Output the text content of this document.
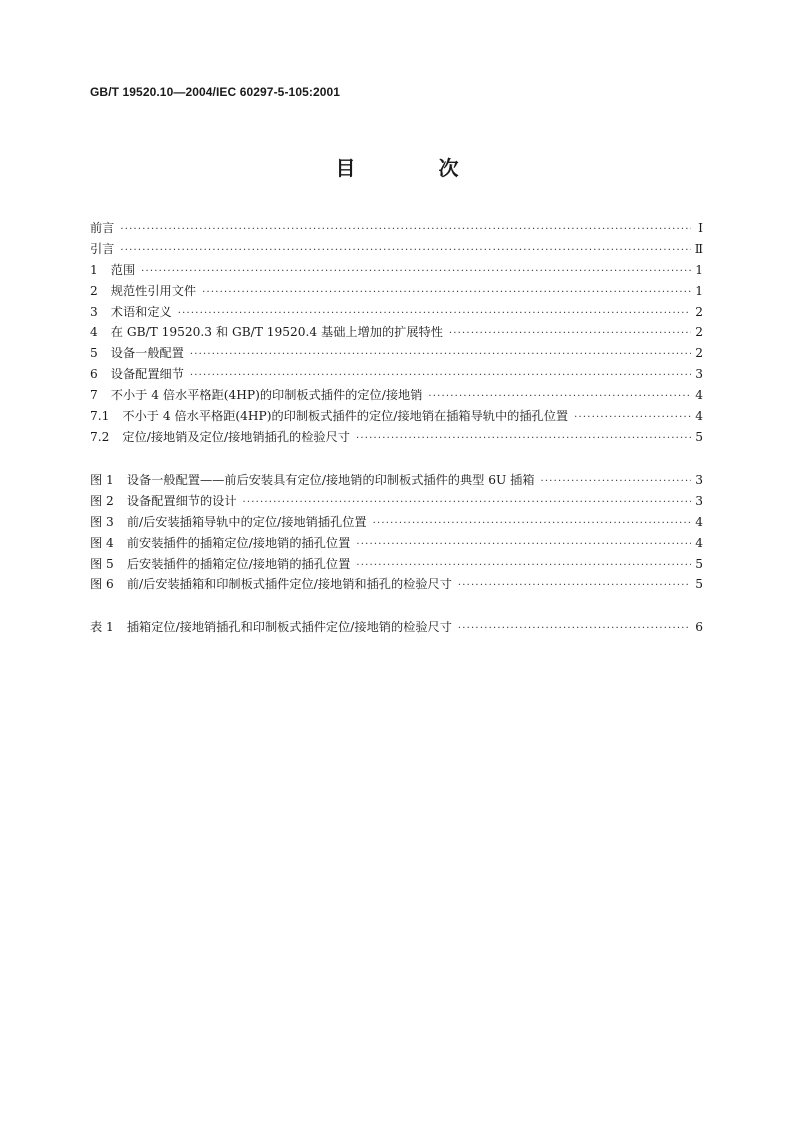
GB/T 19520.10—2004/IEC 60297-5-105:2001
目 次
前言 ·····	Ⅰ
引言 ·····	Ⅱ
1 范围 ·····	1
2 规范性引用文件 ·····	1
3 术语和定义 ·····	2
4 在 GB/T 19520.3 和 GB/T 19520.4 基础上增加的扩展特性 ·····	2
5 设备一般配置 ·····	2
6 设备配置细节 ·····	3
7 不小于 4 倍水平格距(4HP)的印制板式插件的定位/接地销 ·····	4
7.1 不小于 4 倍水平格距(4HP)的印制板式插件的定位/接地销在插箱导轨中的插孔位置 ·····	4
7.2 定位/接地销及定位/接地销插孔的检验尺寸 ·····	5
图 1 设备一般配置——前后安装具有定位/接地销的印制板式插件的典型 6U 插箱 ·····	3
图 2 设备配置细节的设计 ·····	3
图 3 前/后安装插箱导轨中的定位/接地销插孔位置 ·····	4
图 4 前安装插件的插箱定位/接地销的插孔位置 ·····	4
图 5 后安装插件的插箱定位/接地销的插孔位置 ·····	5
图 6 前/后安装插箱和印制板式插件定位/接地销和插孔的检验尺寸 ·····	5
表 1 插箱定位/接地销插孔和印制板式插件定位/接地销的检验尺寸 ·····	6
